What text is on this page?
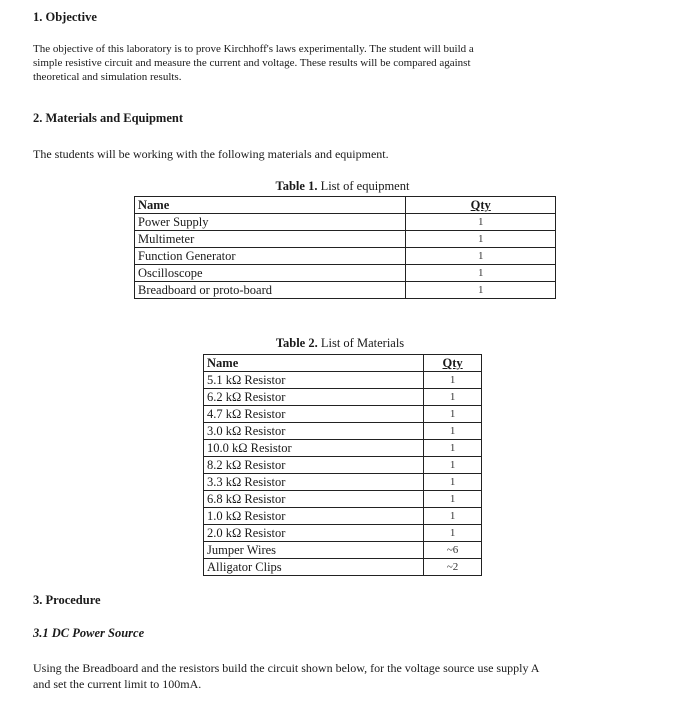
1. Objective
The objective of this laboratory is to prove Kirchhoff's laws experimentally. The student will build a
simple resistive circuit and measure the current and voltage. These results will be compared against
theoretical and simulation results.
2. Materials and Equipment
The students will be working with the following materials and equipment.
Table 1. List of equipment
Name	Qty
Power Supply	1
Multimeter	1
Function Generator	1
Oscilloscope	1
Breadboard or proto-board	1
Table 2. List of Materials
Name	Qty
5.1 kΩ Resistor	1
6.2 kΩ Resistor	1
4.7 kΩ Resistor	1
3.0 kΩ Resistor	1
10.0 kΩ Resistor	1
8.2 kΩ Resistor	1
3.3 kΩ Resistor	1
6.8 kΩ Resistor	1
1.0 kΩ Resistor	1
2.0 kΩ Resistor	1
Jumper Wires	~6
Alligator Clips	~2
3. Procedure
3.1 DC Power Source
Using the Breadboard and the resistors build the circuit shown below, for the voltage source use supply A
and set the current limit to 100mA.
